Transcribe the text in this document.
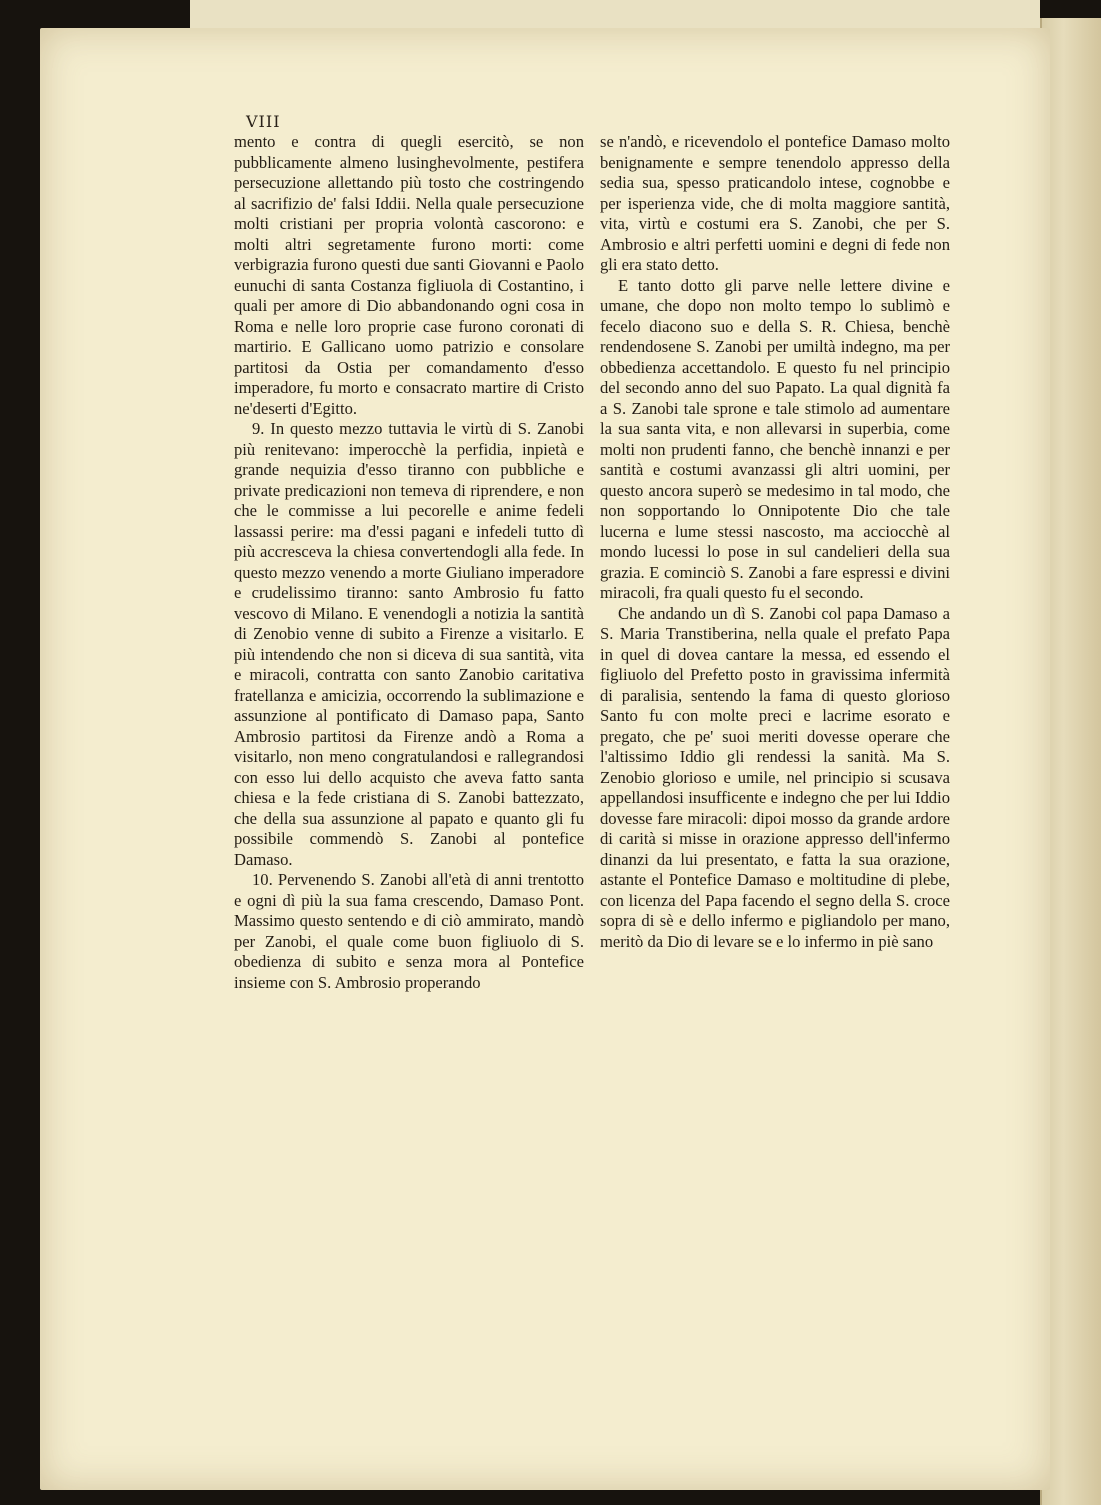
VIII

mento e contra di quegli esercitò, se non pubblicamente almeno lusinghevolmente, pestifera persecuzione allettando più tosto che costringendo al sacrifizio de' falsi Iddii. Nella quale persecuzione molti cristiani per propria volontà cascorono: e molti altri segretamente furono morti: come verbigrazia furono questi due santi Giovanni e Paolo eunuchi di santa Costanza figliuola di Costantino, i quali per amore di Dio abbandonando ogni cosa in Roma e nelle loro proprie case furono coronati di martirio. E Gallicano uomo patrizio e consolare partitosi da Ostia per comandamento d'esso imperadore, fu morto e consacrato martire di Cristo ne'deserti d'Egitto.

9. In questo mezzo tuttavia le virtù di S. Zanobi più renitevano: imperocchè la perfidia, inpietà e grande nequizia d'esso tiranno con pubbliche e private predicazioni non temeva di riprendere, e non che le commisse a lui pecorelle e anime fedeli lassassi perire: ma d'essi pagani e infedeli tutto dì più accresceva la chiesa convertendogli alla fede. In questo mezzo venendo a morte Giuliano imperadore e crudelissimo tiranno: santo Ambrosio fu fatto vescovo di Milano. E venendogli a notizia la santità di Zenobio venne di subito a Firenze a visitarlo. E più intendendo che non si diceva di sua santità, vita e miracoli, contratta con santo Zanobio caritativa fratellanza e amicizia, occorrendo la sublimazione e assunzione al pontificato di Damaso papa, Santo Ambrosio partitosi da Firenze andò a Roma a visitarlo, non meno congratulandosi e rallegrandosi con esso lui dello acquisto che aveva fatto santa chiesa e la fede cristiana di S. Zanobi battezzato, che della sua assunzione al papato e quanto gli fu possibile commendò S. Zanobi al pontefice Damaso.

10. Pervenendo S. Zanobi all'età di anni trentotto e ogni dì più la sua fama crescendo, Damaso Pont. Massimo questo sentendo e di ciò ammirato, mandò per Zanobi, el quale come buon figliuolo di S. obedienza di subito e senza mora al Pontefice insieme con S. Ambrosio properando

se n'andò, e ricevendolo el pontefice Damaso molto benignamente e sempre tenendolo appresso della sedia sua, spesso praticandolo intese, cognobbe e per isperienza vide, che di molta maggiore santità, vita, virtù e costumi era S. Zanobi, che per S. Ambrosio e altri perfetti uomini e degni di fede non gli era stato detto.

E tanto dotto gli parve nelle lettere divine e umane, che dopo non molto tempo lo sublimò e fecelo diacono suo e della S. R. Chiesa, benchè rendendosene S. Zanobi per umiltà indegno, ma per obbedienza accettandolo. E questo fu nel principio del secondo anno del suo Papato. La qual dignità fa a S. Zanobi tale sprone e tale stimolo ad aumentare la sua santa vita, e non allevarsi in superbia, come molti non prudenti fanno, che benchè innanzi e per santità e costumi avanzassi gli altri uomini, per questo ancora superò se medesimo in tal modo, che non sopportando lo Onnipotente Dio che tale lucerna e lume stessi nascosto, ma acciocchè al mondo lucessi lo pose in sul candelieri della sua grazia. E cominciò S. Zanobi a fare espressi e divini miracoli, fra quali questo fu el secondo.

Che andando un dì S. Zanobi col papa Damaso a S. Maria Transtiberina, nella quale el prefato Papa in quel di dovea cantare la messa, ed essendo el figliuolo del Prefetto posto in gravissima infermità di paralisia, sentendo la fama di questo glorioso Santo fu con molte preci e lacrime esorato e pregato, che pe' suoi meriti dovesse operare che l'altissimo Iddio gli rendessi la sanità. Ma S. Zenobio glorioso e umile, nel principio si scusava appellandosi insufficente e indegno che per lui Iddio dovesse fare miracoli: dipoi mosso da grande ardore di carità si misse in orazione appresso dell'infermo dinanzi da lui presentato, e fatta la sua orazione, astante el Pontefice Damaso e moltitudine di plebe, con licenza del Papa facendo el segno della S. croce sopra di sè e dello infermo e pigliandolo per mano, meritò da Dio di levare se e lo infermo in piè sano
